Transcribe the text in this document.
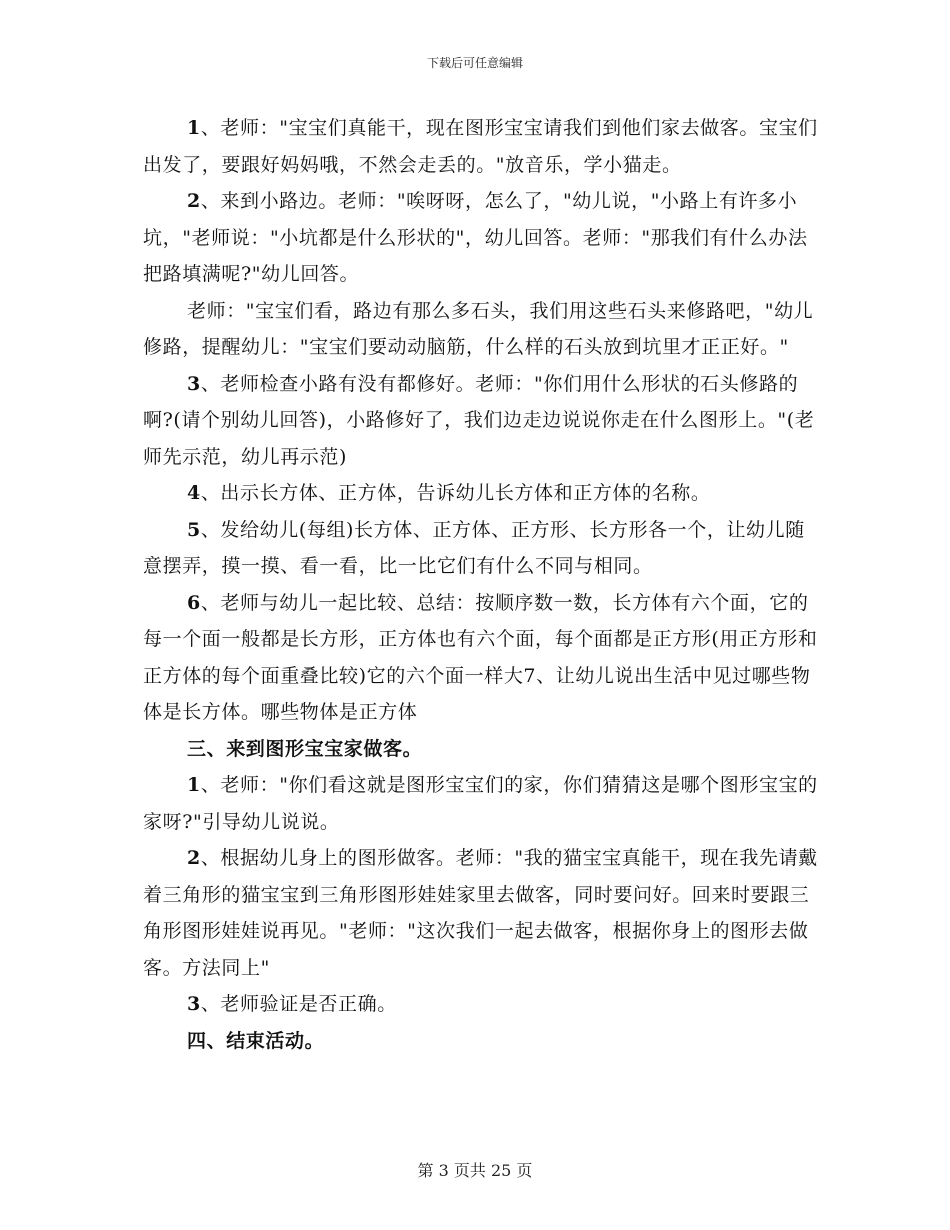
下载后可任意编辑

1、老师："宝宝们真能干，现在图形宝宝请我们到他们家去做客。宝宝们出发了，要跟好妈妈哦，不然会走丢的。"放音乐，学小猫走。

2、来到小路边。老师："唉呀呀，怎么了，"幼儿说，"小路上有许多小坑，"老师说："小坑都是什么形状的"，幼儿回答。老师："那我们有什么办法把路填满呢?"幼儿回答。

老师："宝宝们看，路边有那么多石头，我们用这些石头来修路吧，"幼儿修路，提醒幼儿："宝宝们要动动脑筋，什么样的石头放到坑里才正正好。"

3、老师检查小路有没有都修好。老师："你们用什么形状的石头修路的啊?(请个别幼儿回答)，小路修好了，我们边走边说说你走在什么图形上。"(老师先示范，幼儿再示范)

4、出示长方体、正方体，告诉幼儿长方体和正方体的名称。

5、发给幼儿(每组)长方体、正方体、正方形、长方形各一个，让幼儿随意摆弄，摸一摸、看一看，比一比它们有什么不同与相同。

6、老师与幼儿一起比较、总结：按顺序数一数，长方体有六个面，它的每一个面一般都是长方形，正方体也有六个面，每个面都是正方形(用正方形和正方体的每个面重叠比较)它的六个面一样大7、让幼儿说出生活中见过哪些物体是长方体。哪些物体是正方体

三、来到图形宝宝家做客。

1、老师："你们看这就是图形宝宝们的家，你们猜猜这是哪个图形宝宝的家呀?"引导幼儿说说。

2、根据幼儿身上的图形做客。老师："我的猫宝宝真能干，现在我先请戴着三角形的猫宝宝到三角形图形娃娃家里去做客，同时要问好。回来时要跟三角形图形娃娃说再见。"老师："这次我们一起去做客，根据你身上的图形去做客。方法同上"

3、老师验证是否正确。

四、结束活动。

第 3 页共 25 页
